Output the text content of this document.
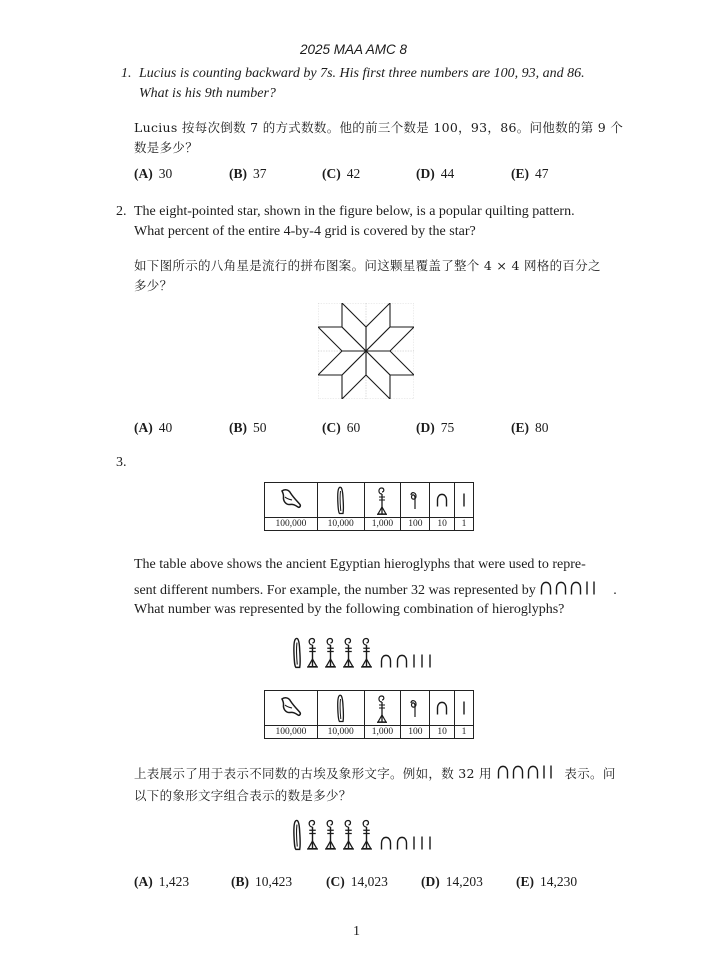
2025 MAA AMC 8
1. Lucius is counting backward by 7s. His first three numbers are 100, 93, and 86.
What is his 9th number?
Lucius 按每次倒数 7 的方式数数。他的前三个数是 100，93，86。问他数的第 9 个
数是多少？
(A) 30	(B) 37	(C) 42	(D) 44	(E) 47
2. The eight-pointed star, shown in the figure below, is a popular quilting pattern.
What percent of the entire 4-by-4 grid is covered by the star?
如下图所示的八角星是流行的拼布图案。问这颗星覆盖了整个 4 × 4 网格的百分之
多少？
(A) 40	(B) 50	(C) 60	(D) 75	(E) 80
3.

100,000	10,000	1,000	100	10	1
The table above shows the ancient Egyptian hieroglyphs that were used to repre-
sent different numbers. For example, the number 32 was represented by	.
What number was represented by the following combination of hieroglyphs?

100,000	10,000	1,000	100	10	1
上表展示了用于表示不同数的古埃及象形文字。例如，数 32 用	表示。问
以下的象形文字组合表示的数是多少？
(A) 1,423	(B) 10,423	(C) 14,023 (D) 14,203 (E) 14,230
1
